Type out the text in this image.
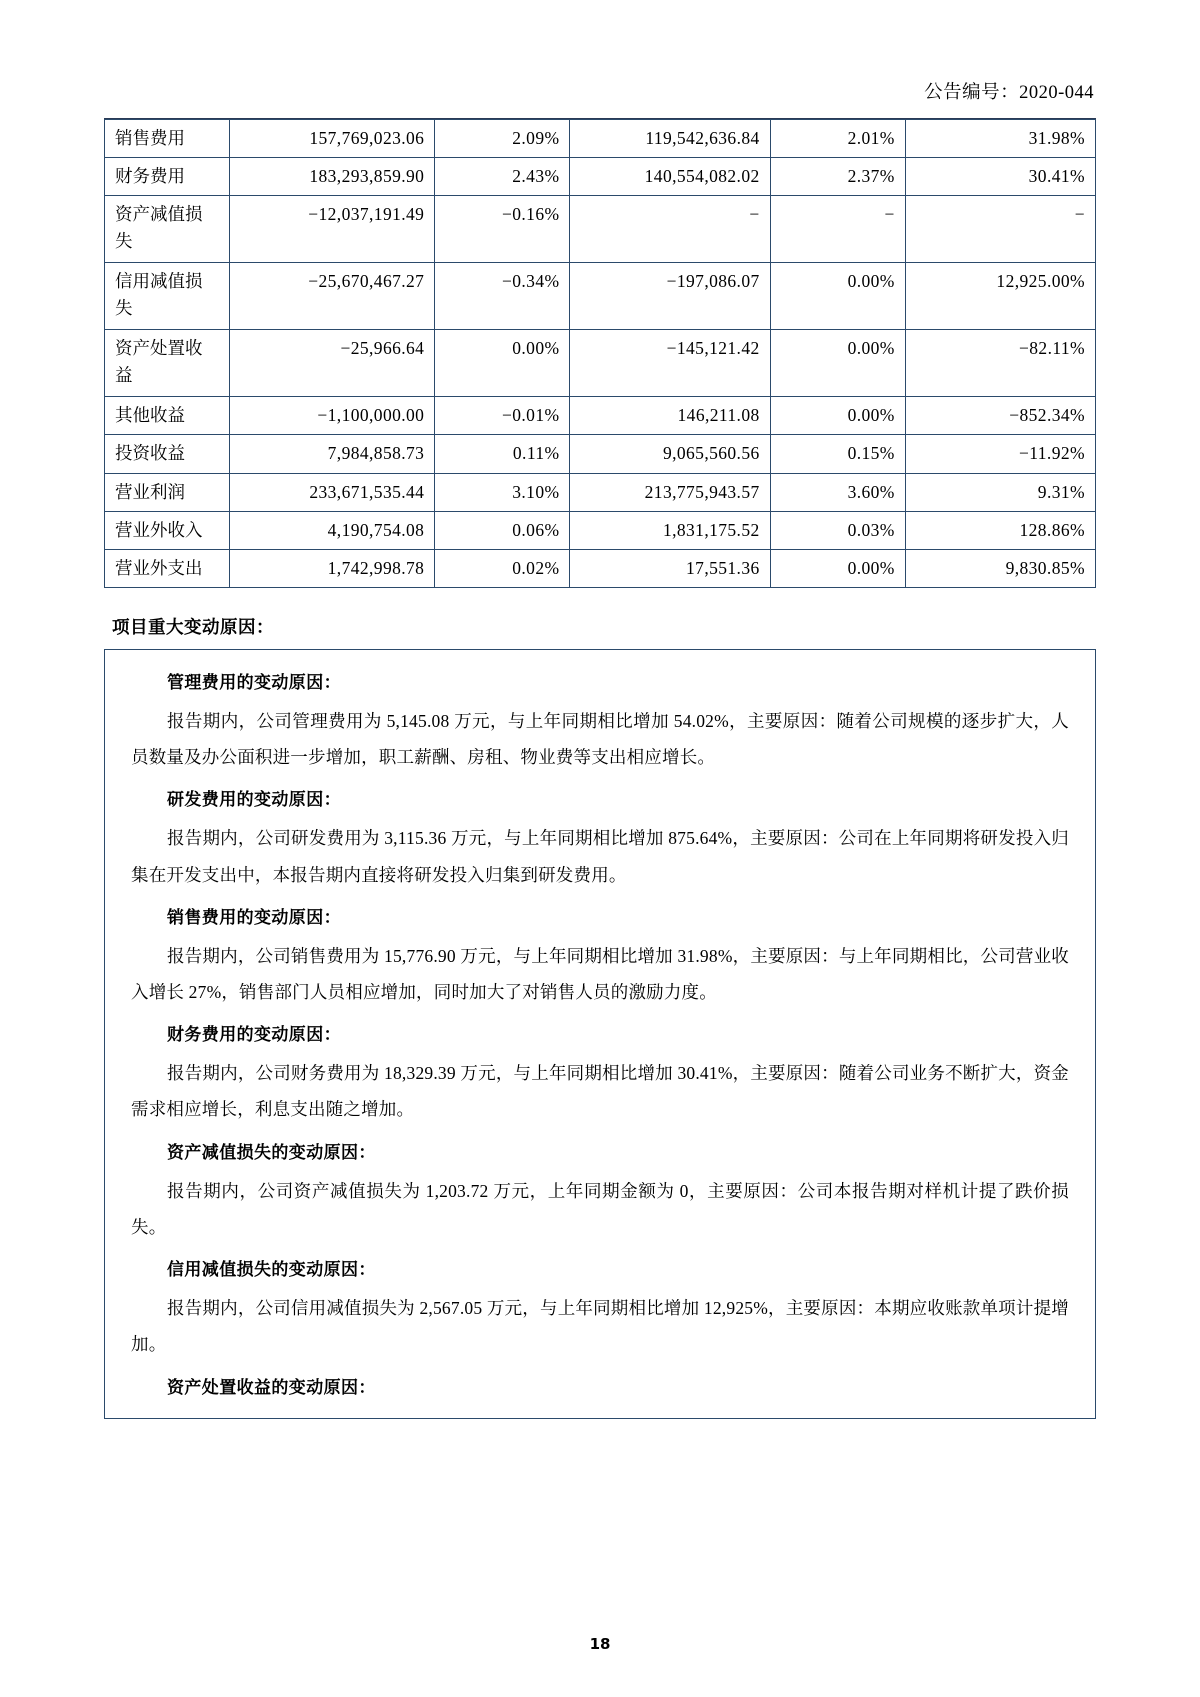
公告编号：2020-044
销售费用	157,769,023.06	2.09%	119,542,636.84	2.01%	31.98%
财务费用	183,293,859.90	2.43%	140,554,082.02	2.37%	30.41%
资产减值损失	−12,037,191.49	−0.16%	−	−	−
信用减值损失	−25,670,467.27	−0.34%	−197,086.07	0.00%	12,925.00%
资产处置收益	−25,966.64	0.00%	−145,121.42	0.00%	−82.11%
其他收益	−1,100,000.00	−0.01%	146,211.08	0.00%	−852.34%
投资收益	7,984,858.73	0.11%	9,065,560.56	0.15%	−11.92%
营业利润	233,671,535.44	3.10%	213,775,943.57	3.60%	9.31%
营业外收入	4,190,754.08	0.06%	1,831,175.52	0.03%	128.86%
营业外支出	1,742,998.78	0.02%	17,551.36	0.00%	9,830.85%
项目重大变动原因：
管理费用的变动原因：

报告期内，公司管理费用为 5,145.08 万元，与上年同期相比增加 54.02%，主要原因：随着公司规模的逐步扩大，人员数量及办公面积进一步增加，职工薪酬、房租、物业费等支出相应增长。

研发费用的变动原因：

报告期内，公司研发费用为 3,115.36 万元，与上年同期相比增加 875.64%，主要原因：公司在上年同期将研发投入归集在开发支出中，本报告期内直接将研发投入归集到研发费用。

销售费用的变动原因：

报告期内，公司销售费用为 15,776.90 万元，与上年同期相比增加 31.98%，主要原因：与上年同期相比，公司营业收入增长 27%，销售部门人员相应增加，同时加大了对销售人员的激励力度。

财务费用的变动原因：

报告期内，公司财务费用为 18,329.39 万元，与上年同期相比增加 30.41%，主要原因：随着公司业务不断扩大，资金需求相应增长，利息支出随之增加。

资产减值损失的变动原因：

报告期内，公司资产减值损失为 1,203.72 万元，上年同期金额为 0，主要原因：公司本报告期对样机计提了跌价损失。

信用减值损失的变动原因：

报告期内，公司信用减值损失为 2,567.05 万元，与上年同期相比增加 12,925%，主要原因：本期应收账款单项计提增加。

资产处置收益的变动原因：
18
